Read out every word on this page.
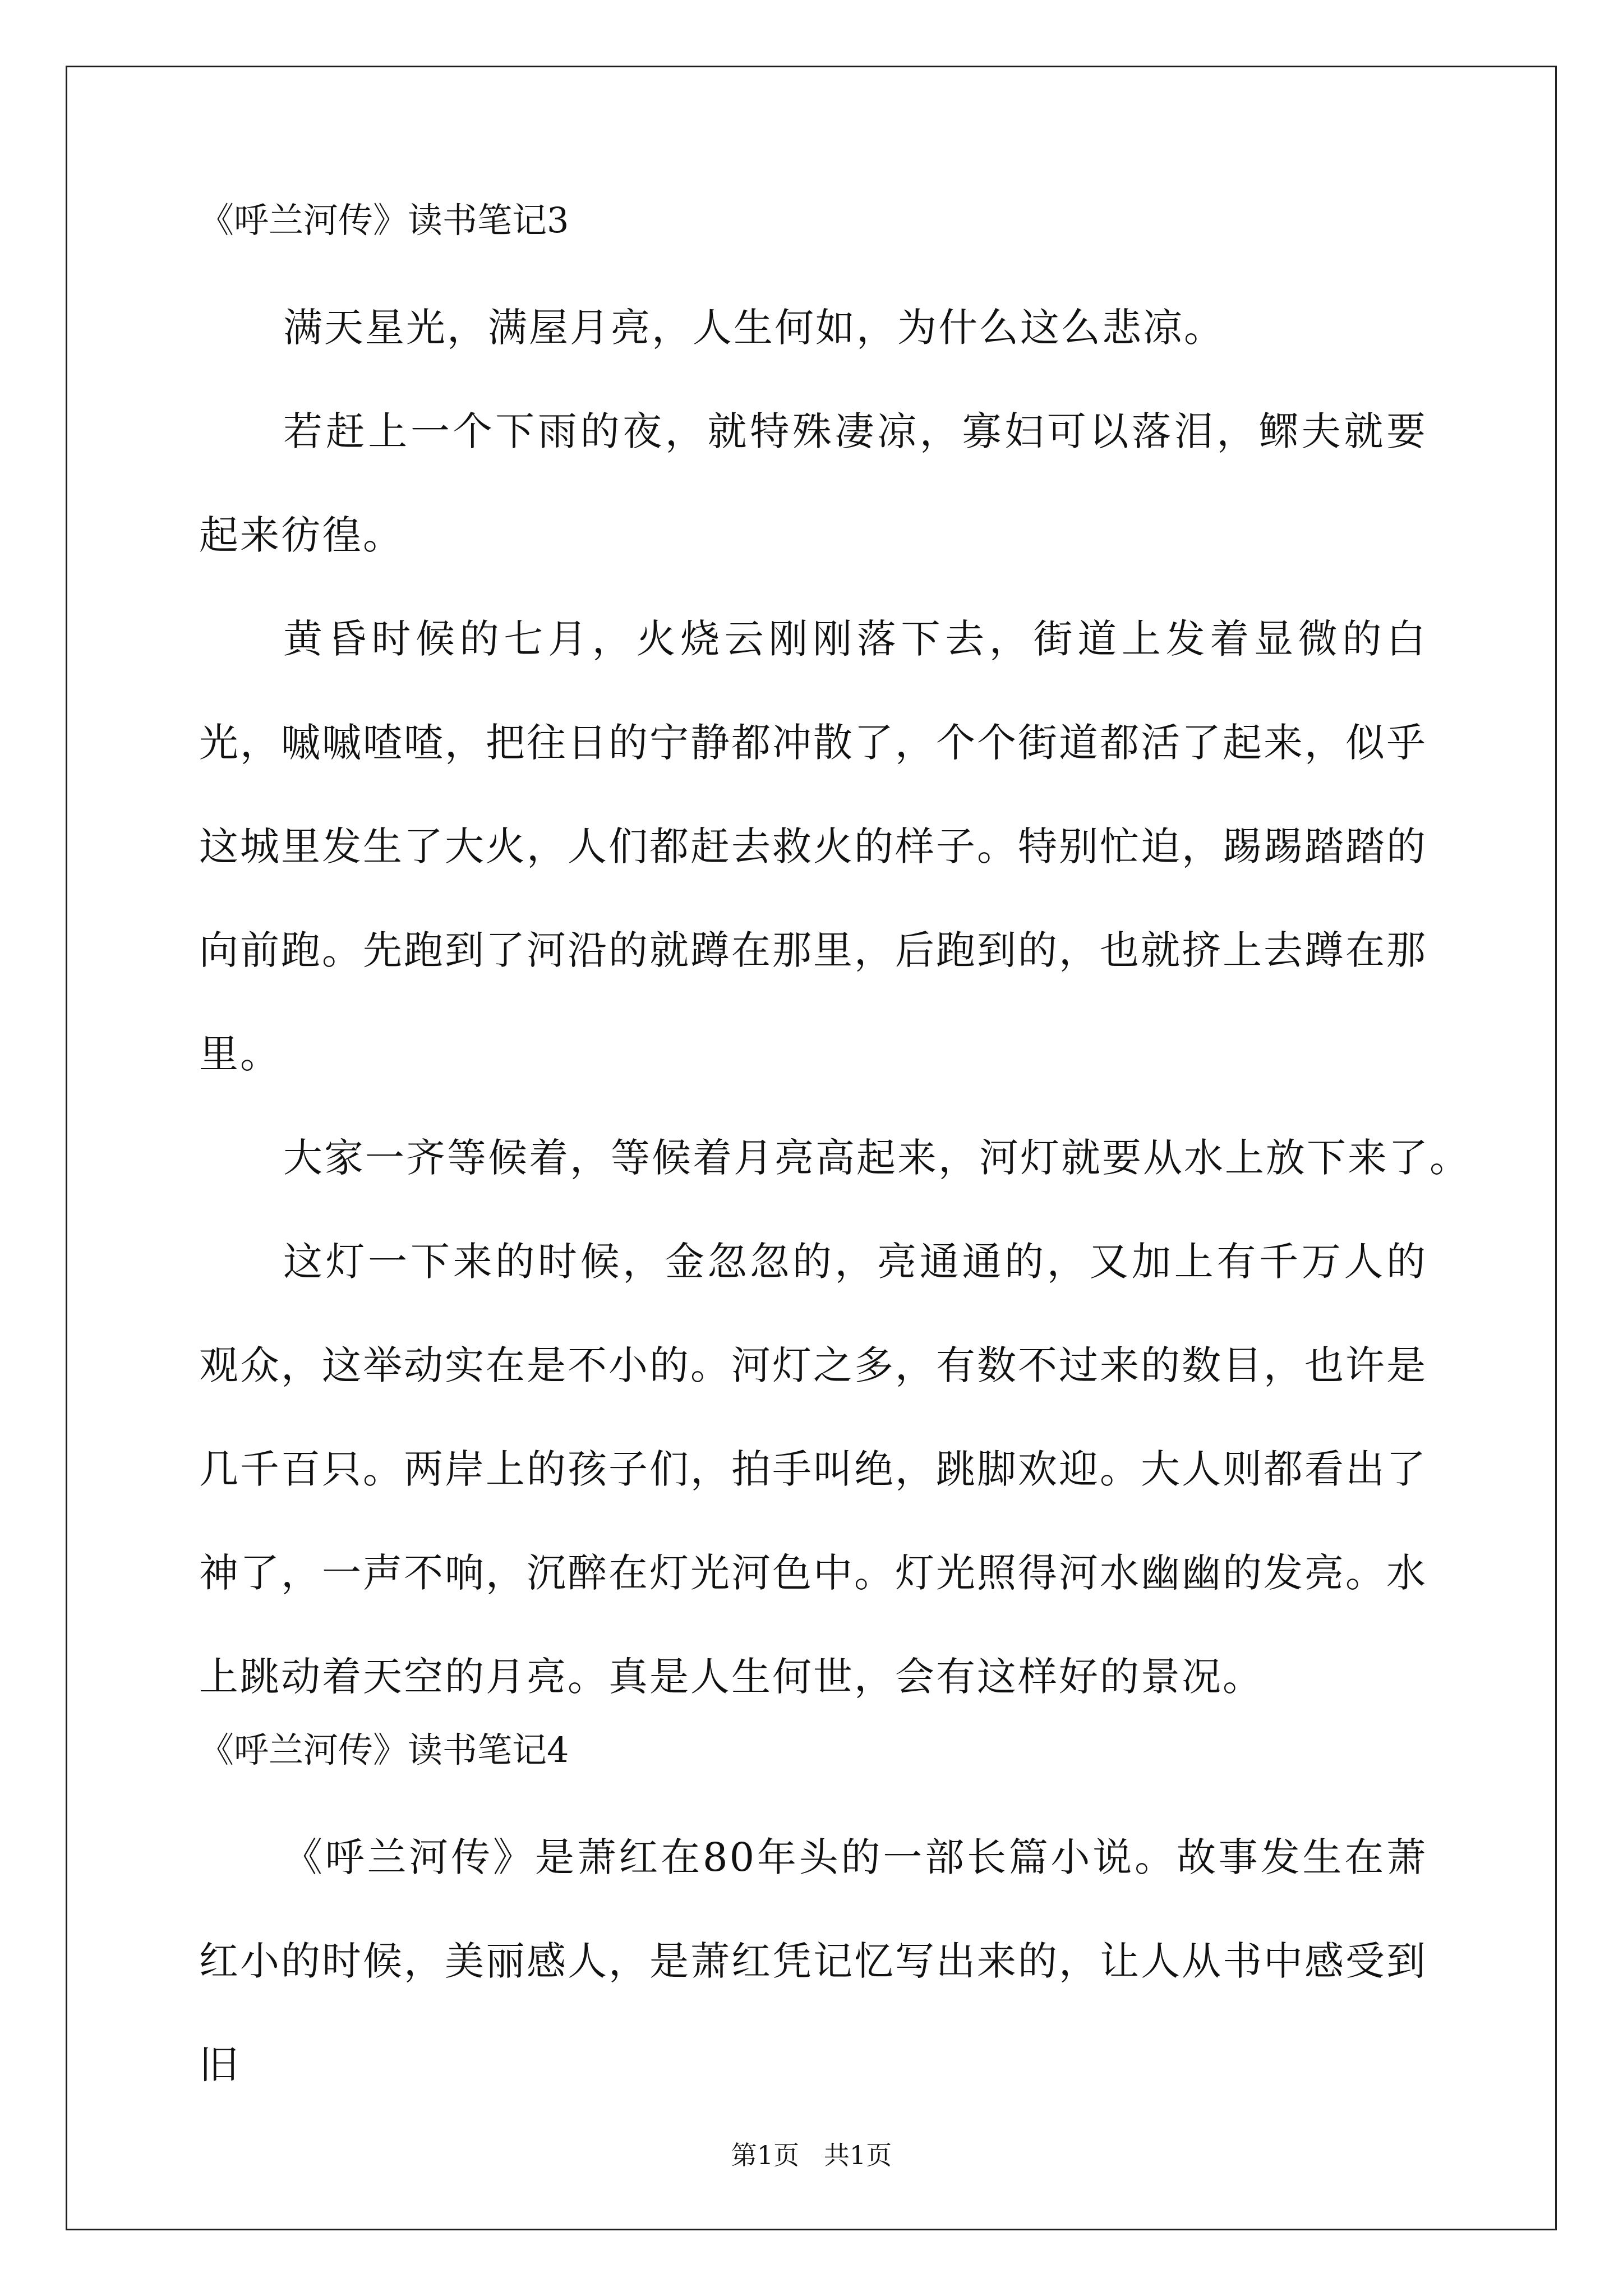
《呼兰河传》读书笔记3

满天星光，满屋月亮，人生何如，为什么这么悲凉。

若赶上一个下雨的夜，就特殊凄凉，寡妇可以落泪，鳏夫就要起来彷徨。

黄昏时候的七月，火烧云刚刚落下去，街道上发着显微的白光，嘁嘁喳喳，把往日的宁静都冲散了，个个街道都活了起来，似乎这城里发生了大火，人们都赶去救火的样子。特别忙迫，踢踢踏踏的向前跑。先跑到了河沿的就蹲在那里，后跑到的，也就挤上去蹲在那里。

大家一齐等候着，等候着月亮高起来，河灯就要从水上放下来了。

这灯一下来的时候，金忽忽的，亮通通的，又加上有千万人的观众，这举动实在是不小的。河灯之多，有数不过来的数目，也许是几千百只。两岸上的孩子们，拍手叫绝，跳脚欢迎。大人则都看出了神了，一声不响，沉醉在灯光河色中。灯光照得河水幽幽的发亮。水上跳动着天空的月亮。真是人生何世，会有这样好的景况。

《呼兰河传》读书笔记4

《呼兰河传》是萧红在80年头的一部长篇小说。故事发生在萧红小的时候，美丽感人，是萧红凭记忆写出来的，让人从书中感受到旧

第1页   共1页
